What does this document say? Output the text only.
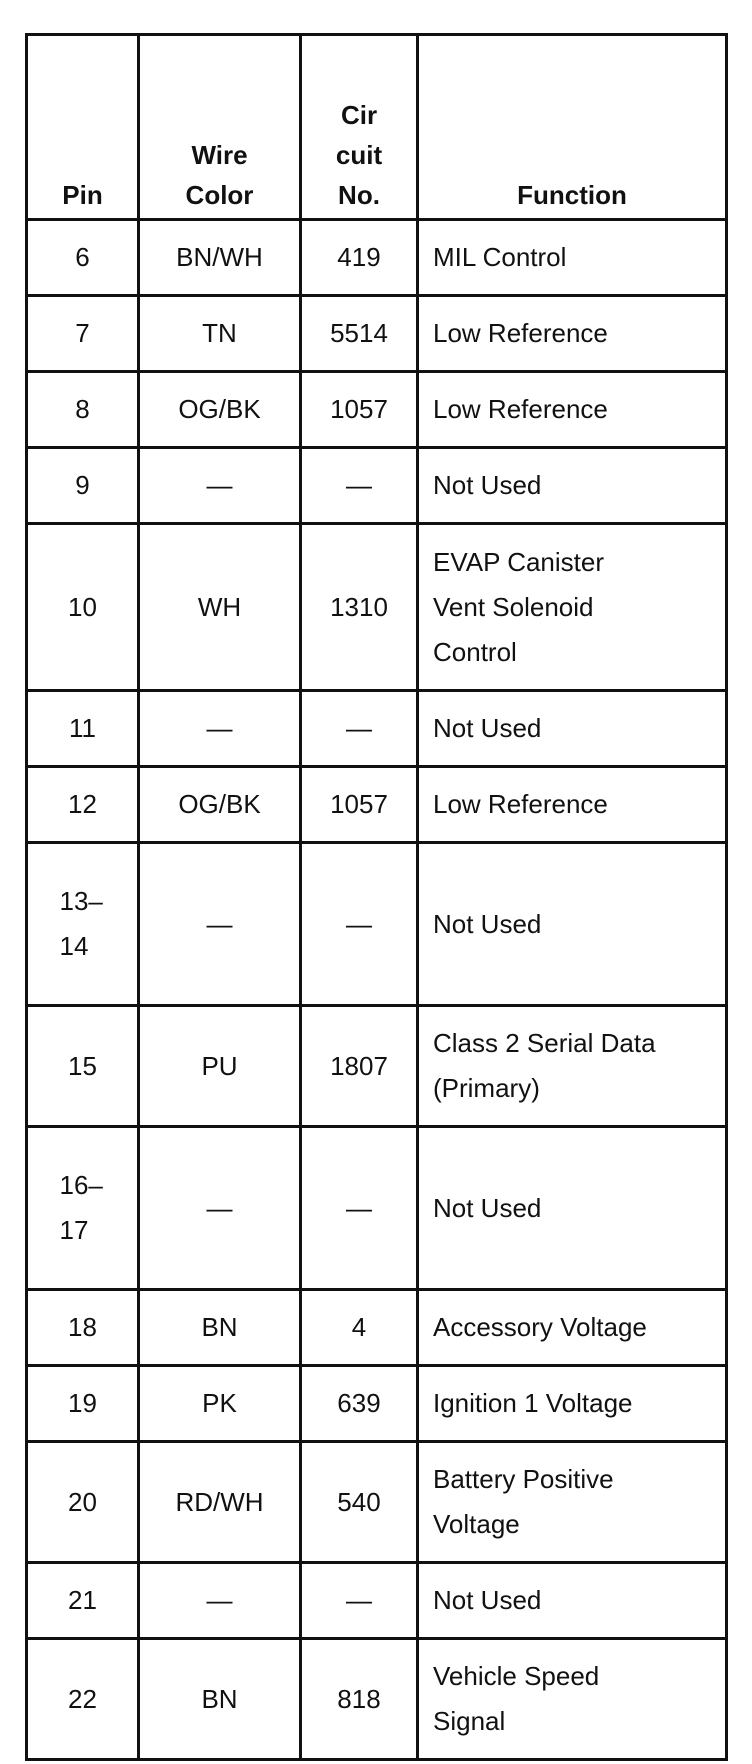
Pin	Wire Color	Cir cuit No.	Function
6	BN/WH	419	MIL Control
7	TN	5514	Low Reference
8	OG/BK	1057	Low Reference
9	—	—	Not Used
10	WH	1310	EVAP Canister Vent Solenoid Control
11	—	—	Not Used
12	OG/BK	1057	Low Reference
13–14	—	—	Not Used
15	PU	1807	Class 2 Serial Data (Primary)
16–17	—	—	Not Used
18	BN	4	Accessory Voltage
19	PK	639	Ignition 1 Voltage
20	RD/WH	540	Battery Positive Voltage
21	—	—	Not Used
22	BN	818	Vehicle Speed Signal
